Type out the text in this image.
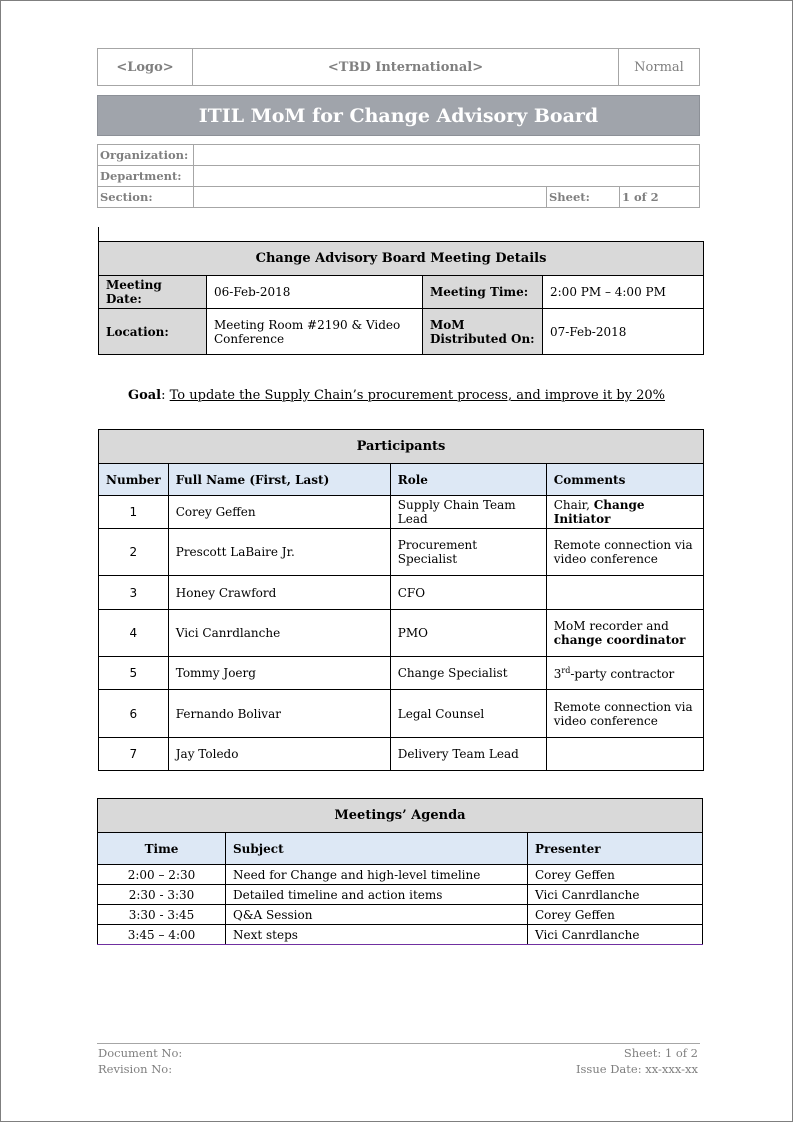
<Logo>	<TBD International>	Normal
ITIL MoM for Change Advisory Board
Organization:			
Department:			
Section:		Sheet:	1 of 2
Change Advisory Board Meeting Details			
Meeting Date:	06-Feb-2018	Meeting Time:	2:00 PM – 4:00 PM
Location:	Meeting Room #2190 & Video Conference	MoM Distributed On:	07-Feb-2018
Goal: To update the Supply Chain’s procurement process, and improve it by 20%
Participants			
Number	Full Name (First, Last)	Role	Comments
1	Corey Geffen	Supply Chain Team Lead	Chair, Change Initiator
2	Prescott LaBaire Jr.	Procurement Specialist	Remote connection via video conference
3	Honey Crawford	CFO	
4	Vici Canrdlanche	PMO	MoM recorder and change coordinator
5	Tommy Joerg	Change Specialist	3rd-party contractor
6	Fernando Bolivar	Legal Counsel	Remote connection via video conference
7	Jay Toledo	Delivery Team Lead	
Meetings’ Agenda		
Time	Subject	Presenter
2:00 – 2:30	Need for Change and high-level timeline	Corey Geffen
2:30 - 3:30	Detailed timeline and action items	Vici Canrdlanche
3:30 - 3:45	Q&A Session	Corey Geffen
3:45 – 4:00	Next steps	Vici Canrdlanche
Document No:
Revision No:
Sheet: 1 of 2
Issue Date: xx-xxx-xx
